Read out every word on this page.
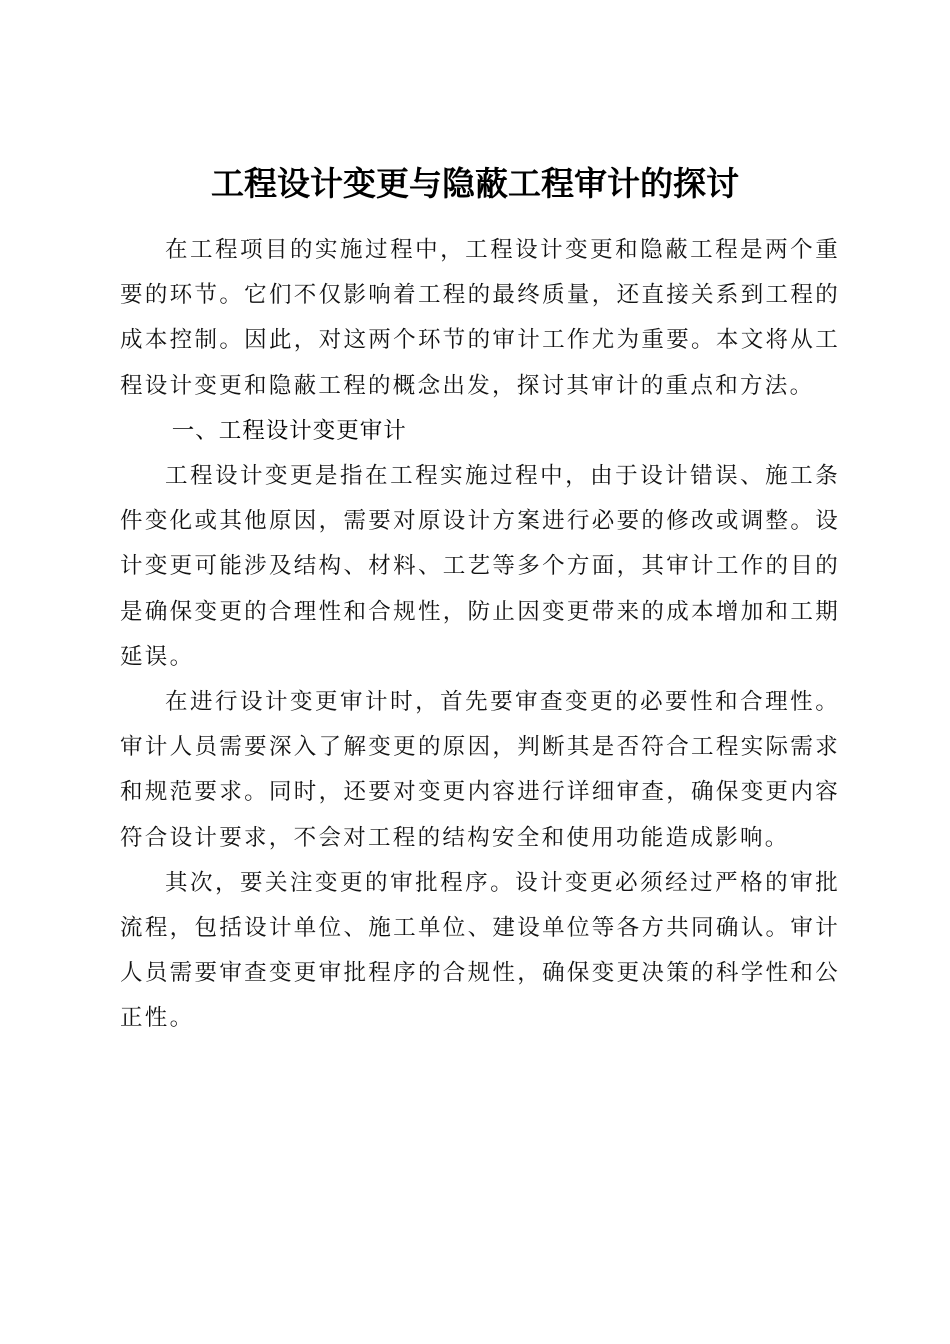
工程设计变更与隐蔽工程审计的探讨

在工程项目的实施过程中，工程设计变更和隐蔽工程是两个重要的环节。它们不仅影响着工程的最终质量，还直接关系到工程的成本控制。因此，对这两个环节的审计工作尤为重要。本文将从工程设计变更和隐蔽工程的概念出发，探讨其审计的重点和方法。

一、工程设计变更审计

工程设计变更是指在工程实施过程中，由于设计错误、施工条件变化或其他原因，需要对原设计方案进行必要的修改或调整。设计变更可能涉及结构、材料、工艺等多个方面，其审计工作的目的是确保变更的合理性和合规性，防止因变更带来的成本增加和工期延误。

在进行设计变更审计时，首先要审查变更的必要性和合理性。审计人员需要深入了解变更的原因，判断其是否符合工程实际需求和规范要求。同时，还要对变更内容进行详细审查，确保变更内容符合设计要求，不会对工程的结构安全和使用功能造成影响。

其次，要关注变更的审批程序。设计变更必须经过严格的审批流程，包括设计单位、施工单位、建设单位等各方共同确认。审计人员需要审查变更审批程序的合规性，确保变更决策的科学性和公正性。
